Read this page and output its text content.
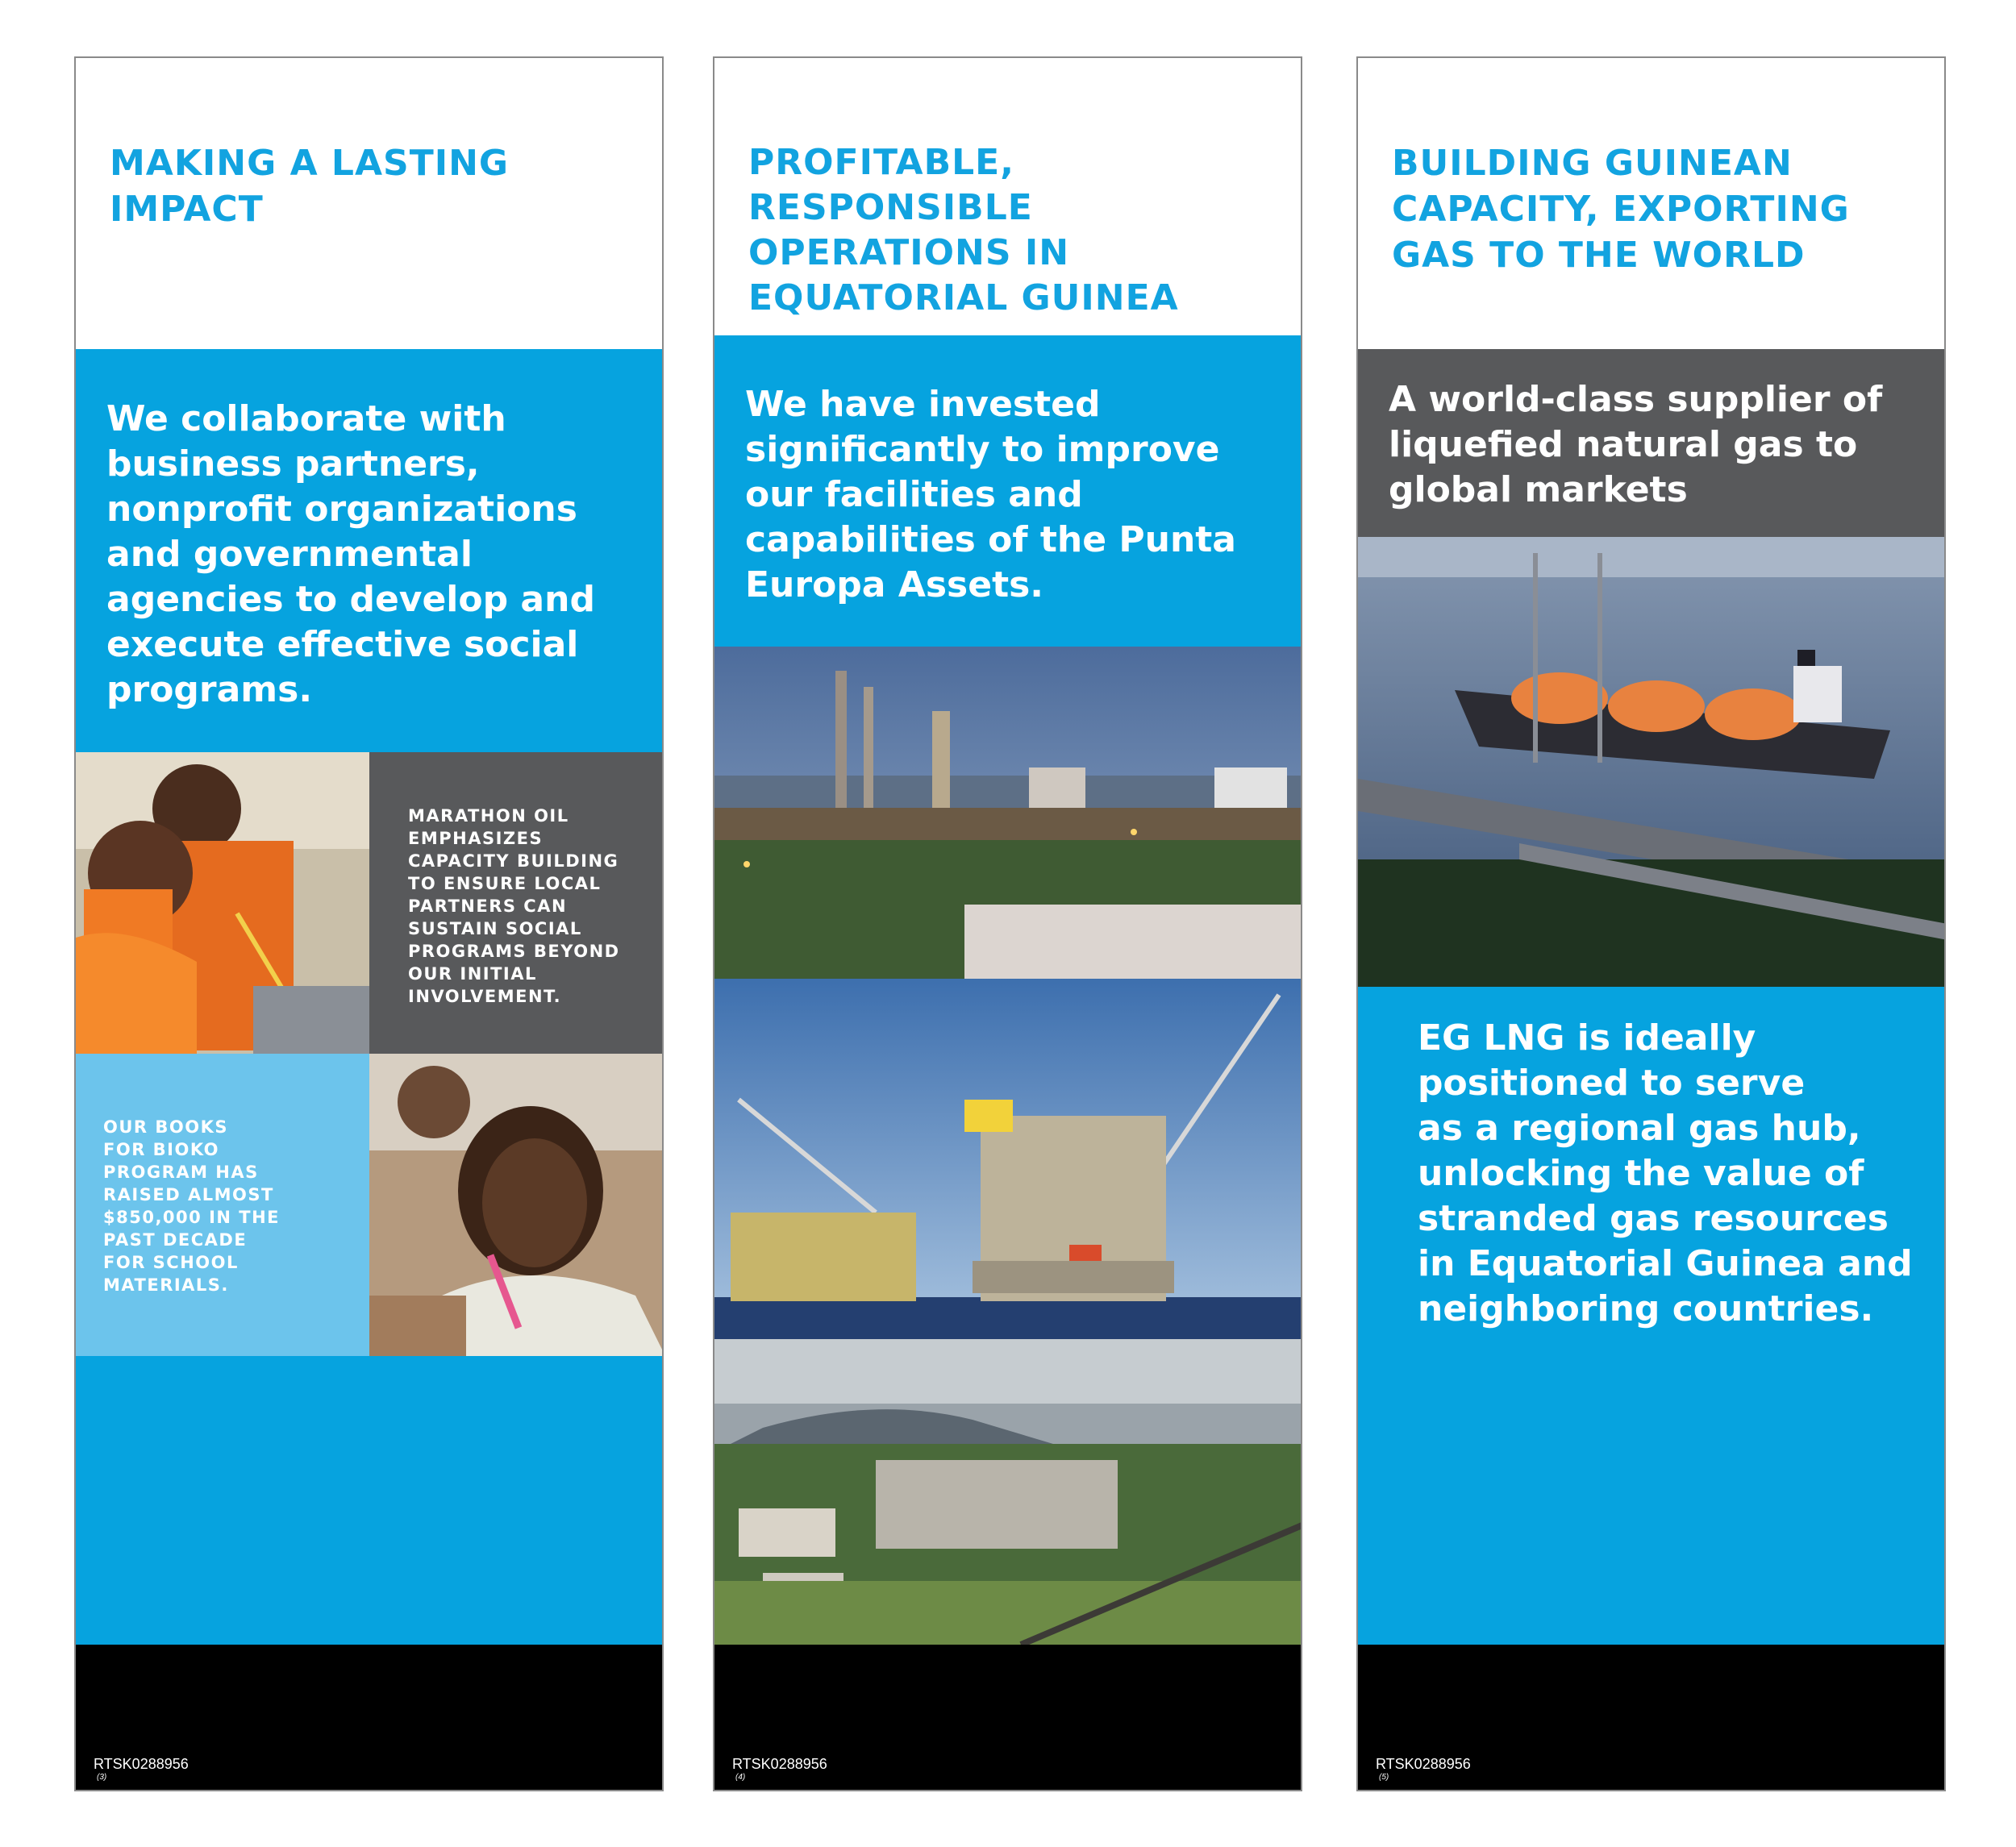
MAKING A LASTING
IMPACT
We collaborate with
business partners,
nonprofit organizations
and governmental
agencies to develop and
execute effective social
programs.
MARATHON OIL
EMPHASIZES
CAPACITY BUILDING
TO ENSURE LOCAL
PARTNERS CAN
SUSTAIN SOCIAL
PROGRAMS BEYOND
OUR INITIAL
INVOLVEMENT.
OUR BOOKS
FOR BIOKO
PROGRAM HAS
RAISED ALMOST
$850,000 IN THE
PAST DECADE
FOR SCHOOL
MATERIALS.
RTSK0288956
(3)
PROFITABLE,
RESPONSIBLE
OPERATIONS IN
EQUATORIAL GUINEA
We have invested
significantly to improve
our facilities and
capabilities of the Punta
Europa Assets.
RTSK0288956
(4)
BUILDING GUINEAN
CAPACITY, EXPORTING
GAS TO THE WORLD
A world-class supplier of
liquefied natural gas to
global markets
EG LNG is ideally
positioned to serve
as a regional gas hub,
unlocking the value of
stranded gas resources
in Equatorial Guinea and
neighboring countries.
RTSK0288956
(5)
